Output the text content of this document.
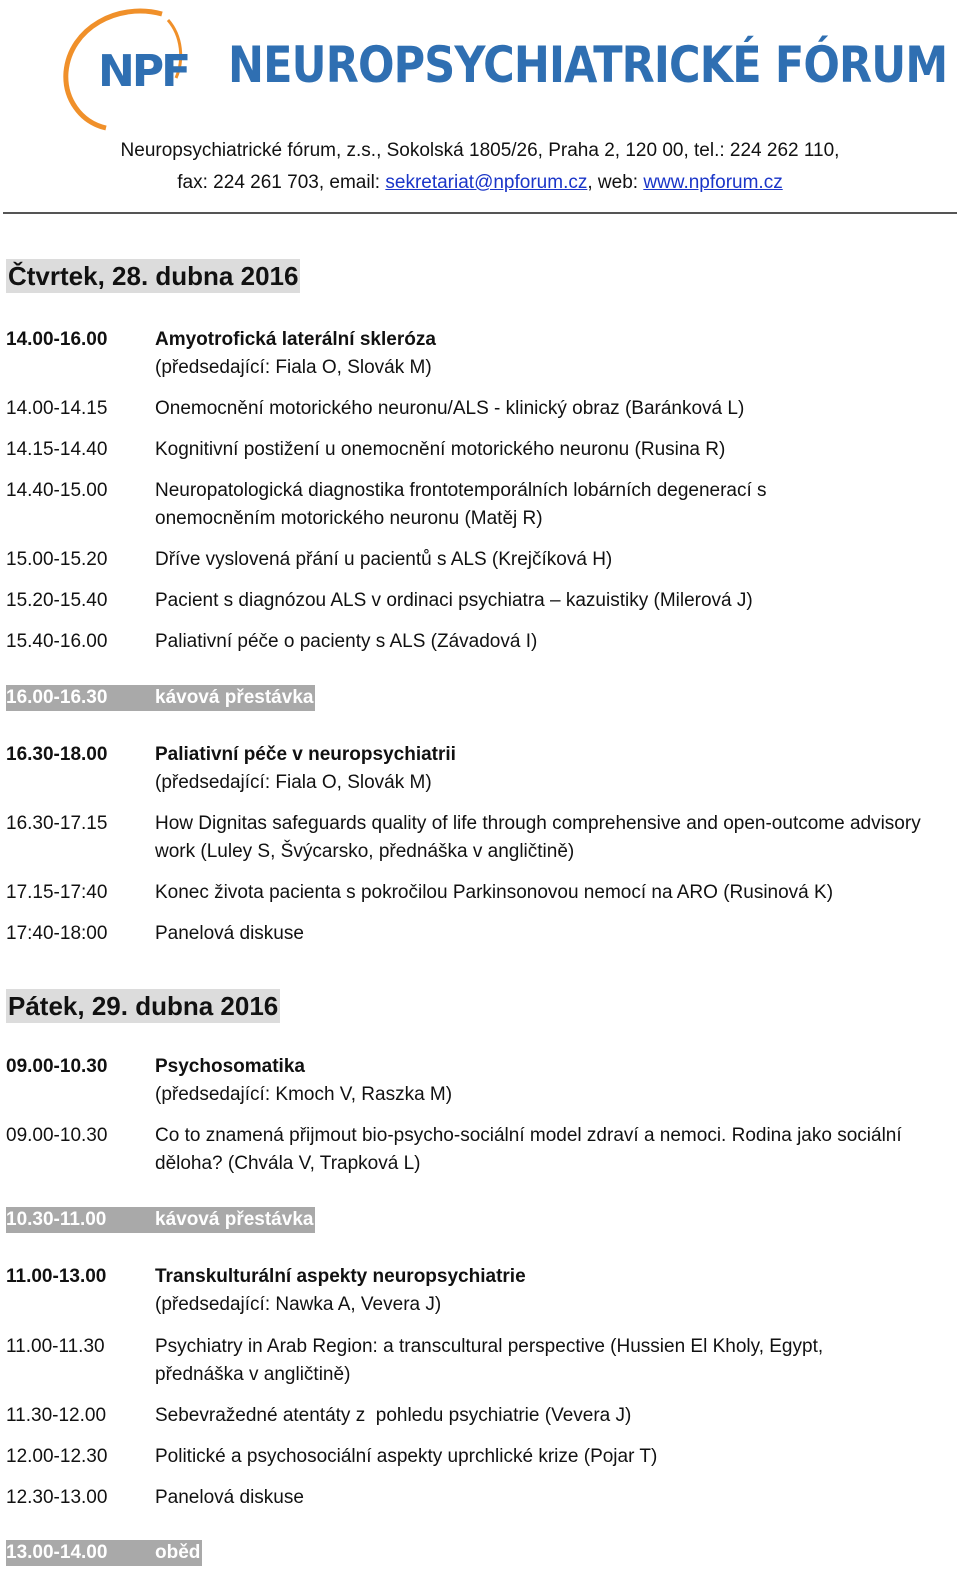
NPF NEUROPSYCHIATRICKÉ FÓRUM
Neuropsychiatrické fórum, z.s., Sokolská 1805/26, Praha 2, 120 00, tel.: 224 262 110,
fax: 224 261 703, email: sekretariat@npforum.cz, web: www.npforum.cz
Čtvrtek, 28. dubna 2016
14.00-16.00	Amyotrofická laterální skleróza
(předsedající: Fiala O, Slovák M)
14.00-14.15	Onemocnění motorického neuronu/ALS - klinický obraz (Baránková L)
14.15-14.40	Kognitivní postižení u onemocnění motorického neuronu (Rusina R)
14.40-15.00	Neuropatologická diagnostika frontotemporálních lobárních degenerací s onemocněním motorického neuronu (Matěj R)
15.00-15.20	Dříve vyslovená přání u pacientů s ALS (Krejčíková H)
15.20-15.40	Pacient s diagnózou ALS v ordinaci psychiatra – kazuistiky (Milerová J)
15.40-16.00	Paliativní péče o pacienty s ALS (Závadová I)
16.00-16.30	kávová přestávka
16.30-18.00	Paliativní péče v neuropsychiatrii
(předsedající: Fiala O, Slovák M)
16.30-17.15	How Dignitas safeguards quality of life through comprehensive and open-outcome advisory work (Luley S, Švýcarsko, přednáška v angličtině)
17.15-17:40	Konec života pacienta s pokročilou Parkinsonovou nemocí na ARO (Rusinová K)
17:40-18:00	Panelová diskuse
Pátek, 29. dubna 2016
09.00-10.30	Psychosomatika
(předsedající: Kmoch V, Raszka M)
09.00-10.30	Co to znamená přijmout bio-psycho-sociální model zdraví a nemoci. Rodina jako sociální děloha? (Chvála V, Trapková L)
10.30-11.00	kávová přestávka
11.00-13.00	Transkulturální aspekty neuropsychiatrie
(předsedající: Nawka A, Vevera J)
11.00-11.30	Psychiatry in Arab Region: a transcultural perspective (Hussien El Kholy, Egypt, přednáška v angličtině)
11.30-12.00	Sebevražedné atentáty z  pohledu psychiatrie (Vevera J)
12.00-12.30	Politické a psychosociální aspekty uprchlické krize (Pojar T)
12.30-13.00	Panelová diskuse
13.00-14.00	oběd
